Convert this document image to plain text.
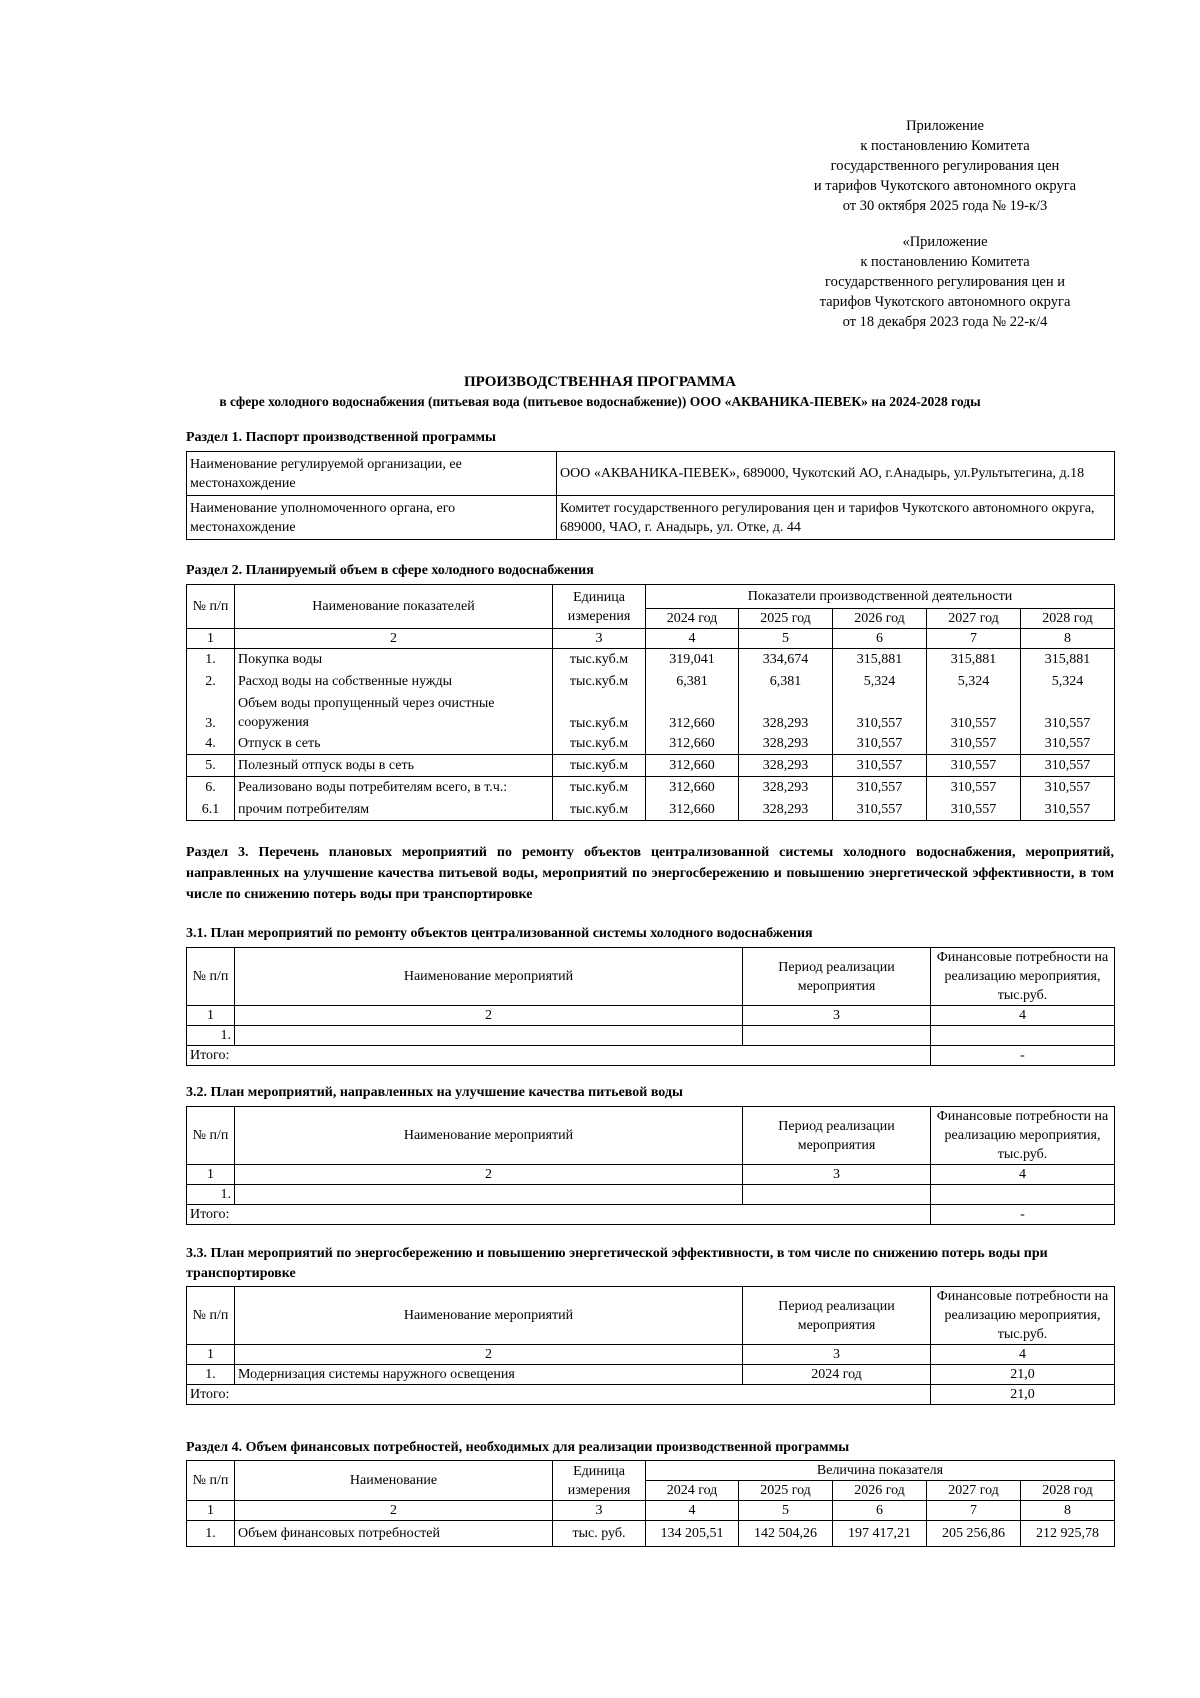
Приложение
к постановлению Комитета
государственного регулирования цен
и тарифов Чукотского автономного округа
от 30 октября 2025 года № 19-к/3
«Приложение
к постановлению Комитета
государственного регулирования цен и
тарифов Чукотского автономного округа
от 18 декабря 2023 года № 22-к/4
ПРОИЗВОДСТВЕННАЯ ПРОГРАММА
в сфере холодного водоснабжения (питьевая вода (питьевое водоснабжение)) ООО «АКВАНИКА-ПЕВЕК» на 2024-2028 годы
Раздел 1. Паспорт производственной программы
Наименование регулируемой организации, ее местонахождение	ООО «АКВАНИКА-ПЕВЕК», 689000, Чукотский АО, г.Анадырь, ул.Рультытегина, д.18
Наименование уполномоченного органа, его местонахождение	Комитет государственного регулирования цен и тарифов Чукотского автономного округа, 689000, ЧАО, г. Анадырь, ул. Отке, д. 44
Раздел 2. Планируемый объем в сфере холодного водоснабжения
№ п/п	Наименование показателей	Единица измерения	Показатели производственной деятельности				
			2024 год	2025 год	2026 год	2027 год	2028 год
1	2	3	4	5	6	7	8
1.	Покупка воды	тыс.куб.м	319,041	334,674	315,881	315,881	315,881
2.	Расход воды на собственные нужды	тыс.куб.м	6,381	6,381	5,324	5,324	5,324
3.	Объем воды пропущенный через очистные сооружения	тыс.куб.м	312,660	328,293	310,557	310,557	310,557
4.	Отпуск в сеть	тыс.куб.м	312,660	328,293	310,557	310,557	310,557
5.	Полезный отпуск воды в сеть	тыс.куб.м	312,660	328,293	310,557	310,557	310,557
6.	Реализовано воды потребителям всего, в т.ч.:	тыс.куб.м	312,660	328,293	310,557	310,557	310,557
6.1	прочим потребителям	тыс.куб.м	312,660	328,293	310,557	310,557	310,557
Раздел 3. Перечень плановых мероприятий по ремонту объектов централизованной системы холодного водоснабжения, мероприятий, направленных на улучшение качества питьевой воды, мероприятий по энергосбережению и повышению энергетической эффективности, в том числе по снижению потерь воды при транспортировке
3.1. План мероприятий по ремонту объектов централизованной системы холодного водоснабжения
№ п/п	Наименование мероприятий	Период реализации мероприятия	Финансовые потребности на реализацию мероприятия, тыс.руб.
1	2	3	4
1.			
Итого:			-
3.2. План мероприятий, направленных на улучшение качества питьевой воды
№ п/п	Наименование мероприятий	Период реализации мероприятия	Финансовые потребности на реализацию мероприятия, тыс.руб.
1	2	3	4
1.			
Итого:			-
3.3. План мероприятий по энергосбережению и повышению энергетической эффективности, в том числе по снижению потерь воды при транспортировке
№ п/п	Наименование мероприятий	Период реализации мероприятия	Финансовые потребности на реализацию мероприятия, тыс.руб.
1	2	3	4
1.	Модернизация системы наружного освещения	2024 год	21,0
Итого:			21,0
Раздел 4. Объем финансовых потребностей, необходимых для реализации производственной программы
№ п/п	Наименование	Единица измерения	Величина показателя				
			2024 год	2025 год	2026 год	2027 год	2028 год
1	2	3	4	5	6	7	8
1.	Объем финансовых потребностей	тыс. руб.	134 205,51	142 504,26	197 417,21	205 256,86	212 925,78
